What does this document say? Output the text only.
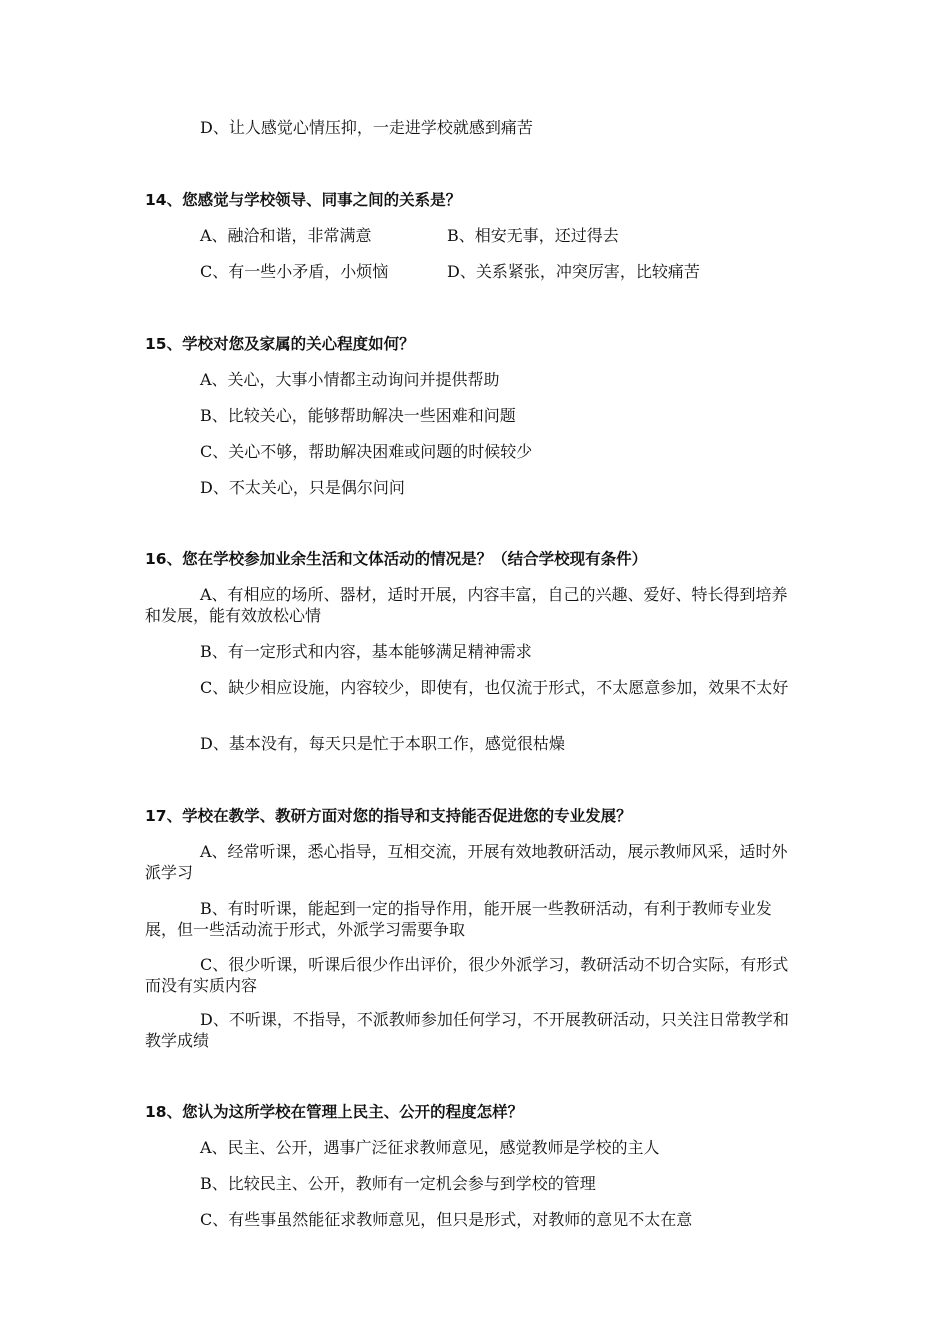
D、让人感觉心情压抑，一走进学校就感到痛苦
14、您感觉与学校领导、同事之间的关系是？
A、融洽和谐，非常满意	B、相安无事，还过得去
C、有一些小矛盾，小烦恼	D、关系紧张，冲突厉害，比较痛苦
15、学校对您及家属的关心程度如何？
A、关心，大事小情都主动询问并提供帮助
B、比较关心，能够帮助解决一些困难和问题
C、关心不够，帮助解决困难或问题的时候较少
D、不太关心，只是偶尔问问
16、您在学校参加业余生活和文体活动的情况是？（结合学校现有条件）
A、有相应的场所、器材，适时开展，内容丰富，自己的兴趣、爱好、特长得到培养和发展，能有效放松心情
B、有一定形式和内容，基本能够满足精神需求
C、缺少相应设施，内容较少，即使有，也仅流于形式，不太愿意参加，效果不太好
D、基本没有，每天只是忙于本职工作，感觉很枯燥
17、学校在教学、教研方面对您的指导和支持能否促进您的专业发展？
A、经常听课，悉心指导，互相交流，开展有效地教研活动，展示教师风采，适时外派学习
B、有时听课，能起到一定的指导作用，能开展一些教研活动，有利于教师专业发展，但一些活动流于形式，外派学习需要争取
C、很少听课，听课后很少作出评价，很少外派学习，教研活动不切合实际，有形式而没有实质内容
D、不听课，不指导，不派教师参加任何学习，不开展教研活动，只关注日常教学和教学成绩
18、您认为这所学校在管理上民主、公开的程度怎样？
A、民主、公开，遇事广泛征求教师意见，感觉教师是学校的主人
B、比较民主、公开，教师有一定机会参与到学校的管理
C、有些事虽然能征求教师意见，但只是形式，对教师的意见不太在意
